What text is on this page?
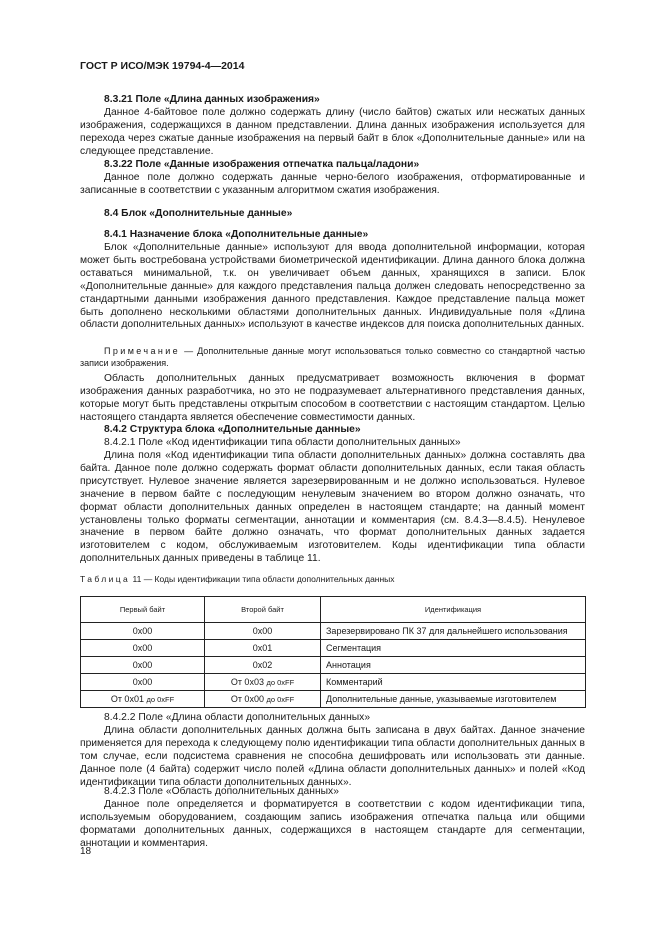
ГОСТ Р ИСО/МЭК 19794-4—2014

8.3.21 Поле «Длина данных изображения»

Данное 4-байтовое поле должно содержать длину (число байтов) сжатых или несжатых данных изображения, содержащихся в данном представлении. Длина данных изображения используется для перехода через сжатые данные изображения на первый байт в блок «Дополнительные данные» или на следующее представление.

8.3.22 Поле «Данные изображения отпечатка пальца/ладони»

Данное поле должно содержать данные черно-белого изображения, отформатированные и записанные в соответствии с указанным алгоритмом сжатия изображения.

8.4 Блок «Дополнительные данные»

8.4.1 Назначение блока «Дополнительные данные»

Блок «Дополнительные данные» используют для ввода дополнительной информации, которая может быть востребована устройствами биометрической идентификации. Длина данного блока должна оставаться минимальной, т.к. он увеличивает объем данных, хранящихся в записи. Блок «Дополнительные данные» для каждого представления пальца должен следовать непосредственно за стандартными данными изображения данного представления. Каждое представление пальца может быть дополнено несколькими областями дополнительных данных. Индивидуальные поля «Длина области дополнительных данных» используют в качестве индексов для поиска дополнительных данных.

Примечание — Дополнительные данные могут использоваться только совместно со стандартной частью записи изображения.

Область дополнительных данных предусматривает возможность включения в формат изображения данных разработчика, но это не подразумевает альтернативного представления данных, которые могут быть представлены открытым способом в соответствии с настоящим стандартом. Целью настоящего стандарта является обеспечение совместимости данных.

8.4.2 Структура блока «Дополнительные данные»

8.4.2.1 Поле «Код идентификации типа области дополнительных данных»

Длина поля «Код идентификации типа области дополнительных данных» должна составлять два байта. Данное поле должно содержать формат области дополнительных данных, если такая область присутствует. Нулевое значение является зарезервированным и не должно использоваться. Нулевое значение в первом байте с последующим ненулевым значением во втором должно означать, что формат области дополнительных данных определен в настоящем стандарте; на данный момент установлены только форматы сегментации, аннотации и комментария (см. 8.4.3—8.4.5). Ненулевое значение в первом байте должно означать, что формат дополнительных данных задается изготовителем с кодом, обслуживаемым изготовителем. Коды идентификации типа области дополнительных данных приведены в таблице 11.

Таблица 11 — Коды идентификации типа области дополнительных данных
Первый байт	Второй байт	Идентификация
0x00	0x00	Зарезервировано ПК 37 для дальнейшего использования
0x00	0x01	Сегментация
0x00	0x02	Аннотация
0x00	От 0x03 до 0xFF	Комментарий
От 0x01 до 0xFF	От 0x00 до 0xFF	Дополнительные данные, указываемые изготовителем

8.4.2.2 Поле «Длина области дополнительных данных»

Длина области дополнительных данных должна быть записана в двух байтах. Данное значение применяется для перехода к следующему полю идентификации типа области дополнительных данных в том случае, если подсистема сравнения не способна дешифровать или использовать эти данные. Данное поле (4 байта) содержит число полей «Длина области дополнительных данных» и полей «Код идентификации типа области дополнительных данных».

8.4.2.3 Поле «Область дополнительных данных»

Данное поле определяется и форматируется в соответствии с кодом идентификации типа, используемым оборудованием, создающим запись изображения отпечатка пальца или общими форматами дополнительных данных, содержащихся в настоящем стандарте для сегментации, аннотации и комментария.

18
